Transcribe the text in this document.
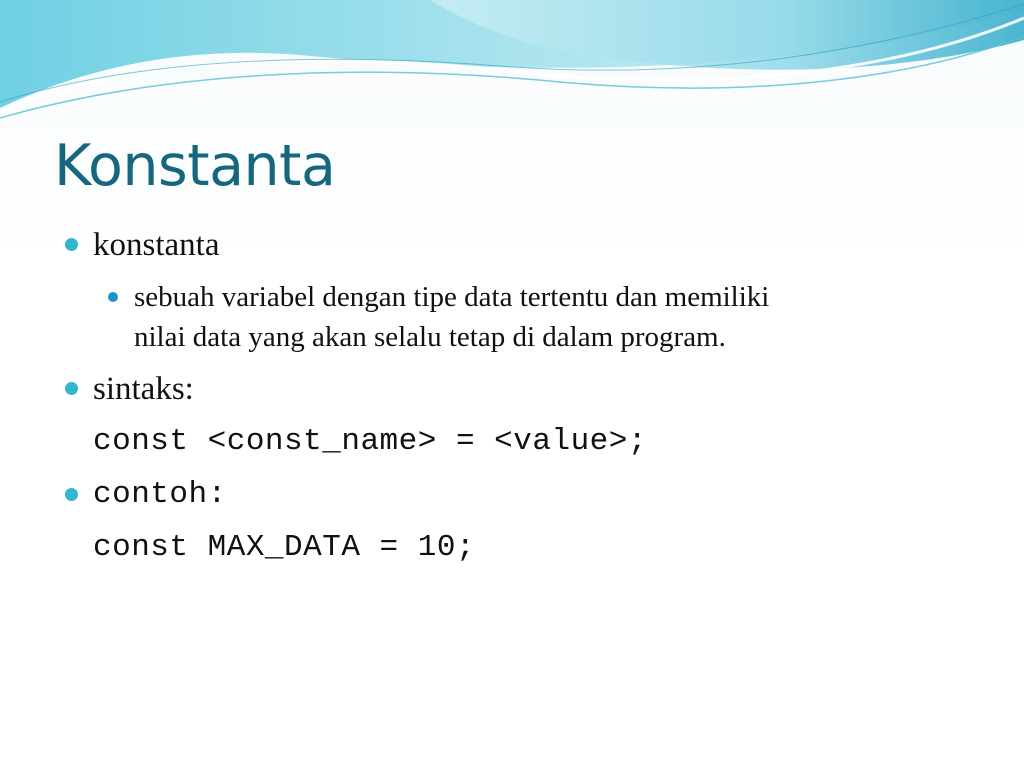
Konstanta
konstanta
sebuah variabel dengan tipe data tertentu dan memiliki
nilai data yang akan selalu tetap di dalam program.
sintaks:
const <const_name> = <value>;
contoh:
const MAX_DATA = 10;
